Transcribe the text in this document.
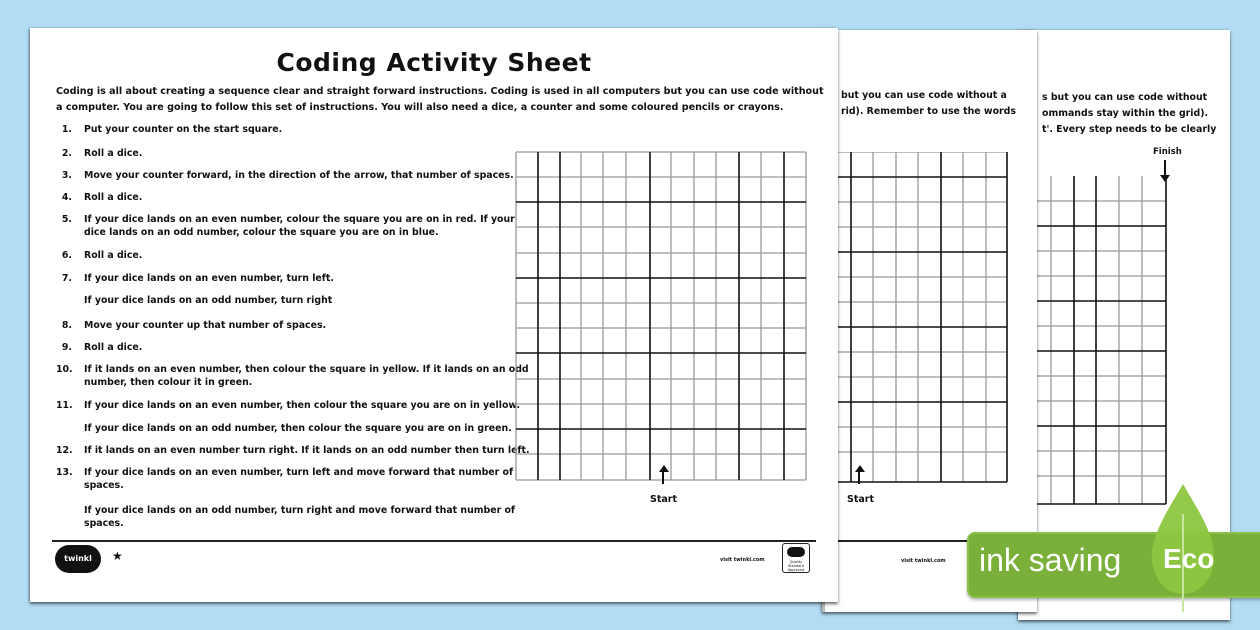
s but you can use code without
ommands stay within the grid).
t'. Every step needs to be clearly
Finish
but you can use code without a
rid). Remember to use the words
Start
visit twinkl.com
Coding Activity Sheet
Coding is all about creating a sequence clear and straight forward instructions. Coding is used in all computers but you can use code without
a computer. You are going to follow this set of instructions. You will also need a dice, a counter and some coloured pencils or crayons.
1. Put your counter on the start square.
2. Roll a dice.
3. Move your counter forward, in the direction of the arrow, that number of spaces.
4. Roll a dice.
5. If your dice lands on an even number, colour the square you are on in red. If your dice lands on an odd number, colour the square you are on in blue.
6. Roll a dice.
7. If your dice lands on an even number, turn left.
If your dice lands on an odd number, turn right
8. Move your counter up that number of spaces.
9. Roll a dice.
10. If it lands on an even number, then colour the square in yellow. If it lands on an odd number, then colour it in green.
11. If your dice lands on an even number, then colour the square you are on in yellow.
If your dice lands on an odd number, then colour the square you are on in green.
12. If it lands on an even number turn right. If it lands on an odd number then turn left.
13. If your dice lands on an even number, turn left and move forward that number of spaces.
If your dice lands on an odd number, turn right and move forward that number of spaces.
Start
twinkl	★	visit twinkl.com	Quality Standard Approved	ink saving Eco
